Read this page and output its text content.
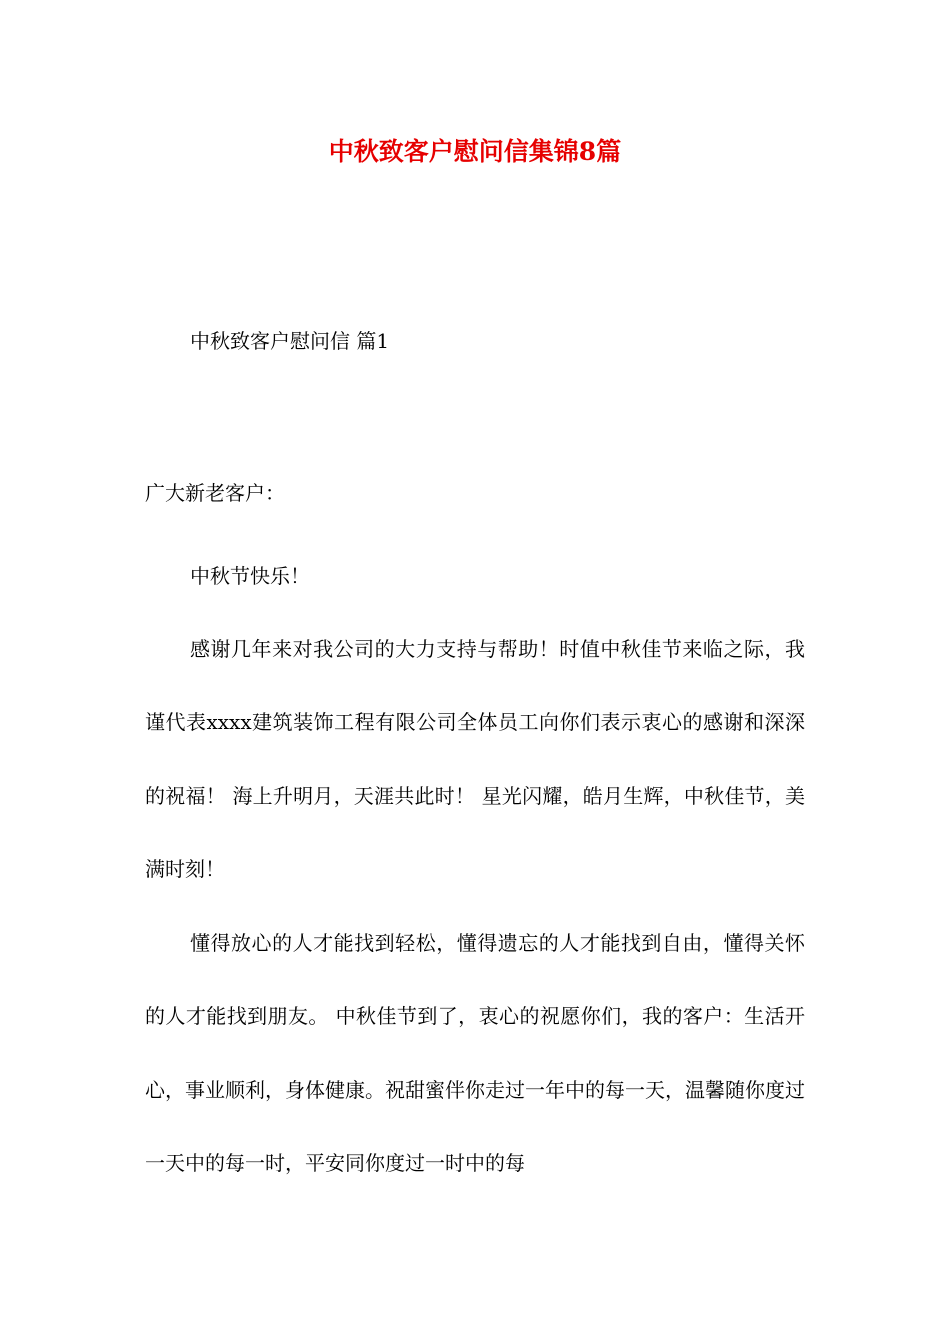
中秋致客户慰问信集锦8篇

中秋致客户慰问信 篇1

广大新老客户：

中秋节快乐！

感谢几年来对我公司的大力支持与帮助！时值中秋佳节来临之际，我谨代表xxxx建筑装饰工程有限公司全体员工向你们表示衷心的感谢和深深的祝福！ 海上升明月，天涯共此时！ 星光闪耀，皓月生辉，中秋佳节，美满时刻！

懂得放心的人才能找到轻松，懂得遗忘的人才能找到自由，懂得关怀的人才能找到朋友。 中秋佳节到了，衷心的祝愿你们，我的客户：生活开心，事业顺利，身体健康。祝甜蜜伴你走过一年中的每一天，温馨随你度过一天中的每一时，平安同你度过一时中的每
